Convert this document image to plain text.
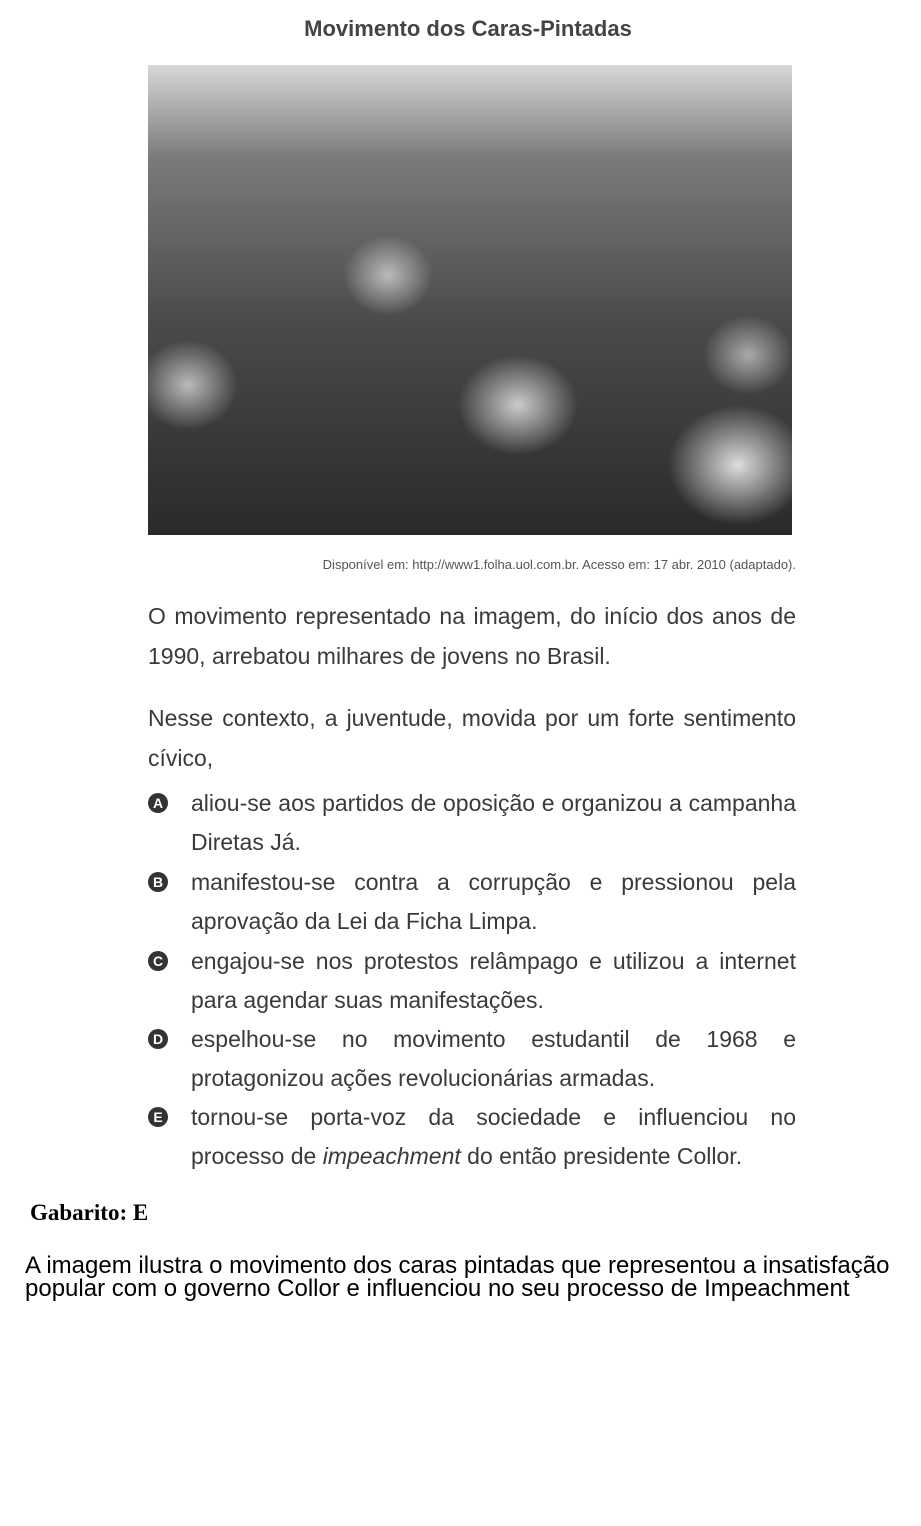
Movimento dos Caras-Pintadas
Disponível em: http://www1.folha.uol.com.br. Acesso em: 17 abr. 2010 (adaptado).
O movimento representado na imagem, do início dos anos de 1990, arrebatou milhares de jovens no Brasil.
Nesse contexto, a juventude, movida por um forte sentimento cívico,
A aliou-se aos partidos de oposição e organizou a campanha Diretas Já.
B manifestou-se contra a corrupção e pressionou pela aprovação da Lei da Ficha Limpa.
C engajou-se nos protestos relâmpago e utilizou a internet para agendar suas manifestações.
D espelhou-se no movimento estudantil de 1968 e protagonizou ações revolucionárias armadas.
E tornou-se porta-voz da sociedade e influenciou no processo de impeachment do então presidente Collor.
Gabarito: E
A imagem ilustra o movimento dos caras pintadas que representou a insatisfação popular com o governo Collor e influenciou no seu processo de Impeachment
